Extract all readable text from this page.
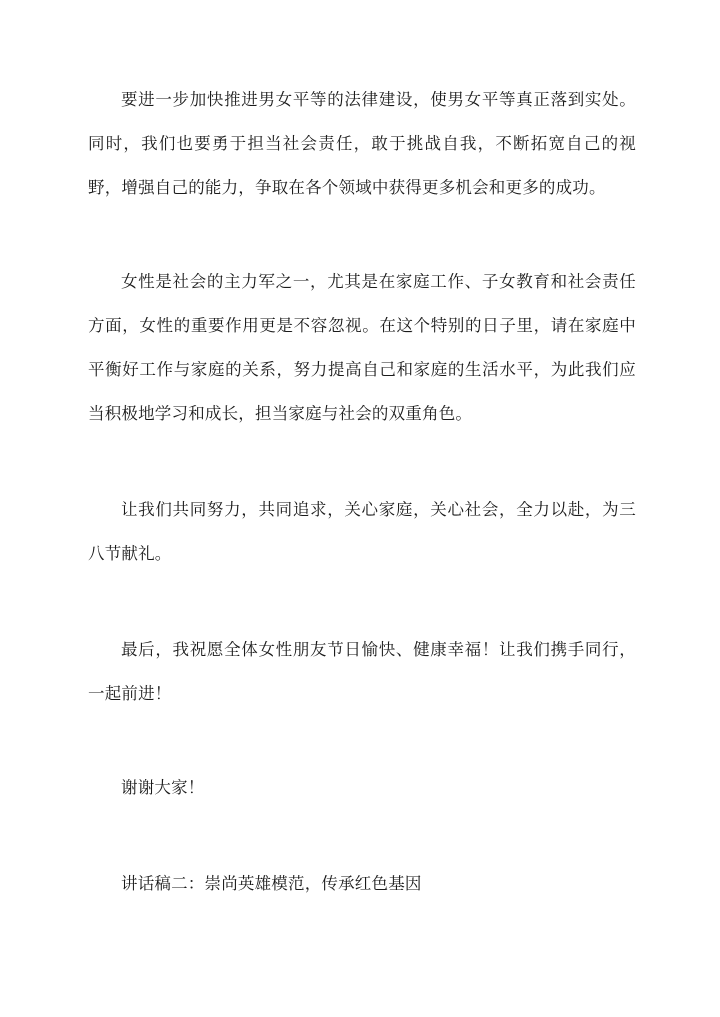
要进一步加快推进男女平等的法律建设，使男女平等真正落到实处。同时，我们也要勇于担当社会责任，敢于挑战自我，不断拓宽自己的视野，增强自己的能力，争取在各个领域中获得更多机会和更多的成功。

女性是社会的主力军之一，尤其是在家庭工作、子女教育和社会责任方面，女性的重要作用更是不容忽视。在这个特别的日子里，请在家庭中平衡好工作与家庭的关系，努力提高自己和家庭的生活水平，为此我们应当积极地学习和成长，担当家庭与社会的双重角色。

让我们共同努力，共同追求，关心家庭，关心社会，全力以赴，为三八节献礼。

最后，我祝愿全体女性朋友节日愉快、健康幸福！让我们携手同行，一起前进！

谢谢大家！

讲话稿二：崇尚英雄模范，传承红色基因
